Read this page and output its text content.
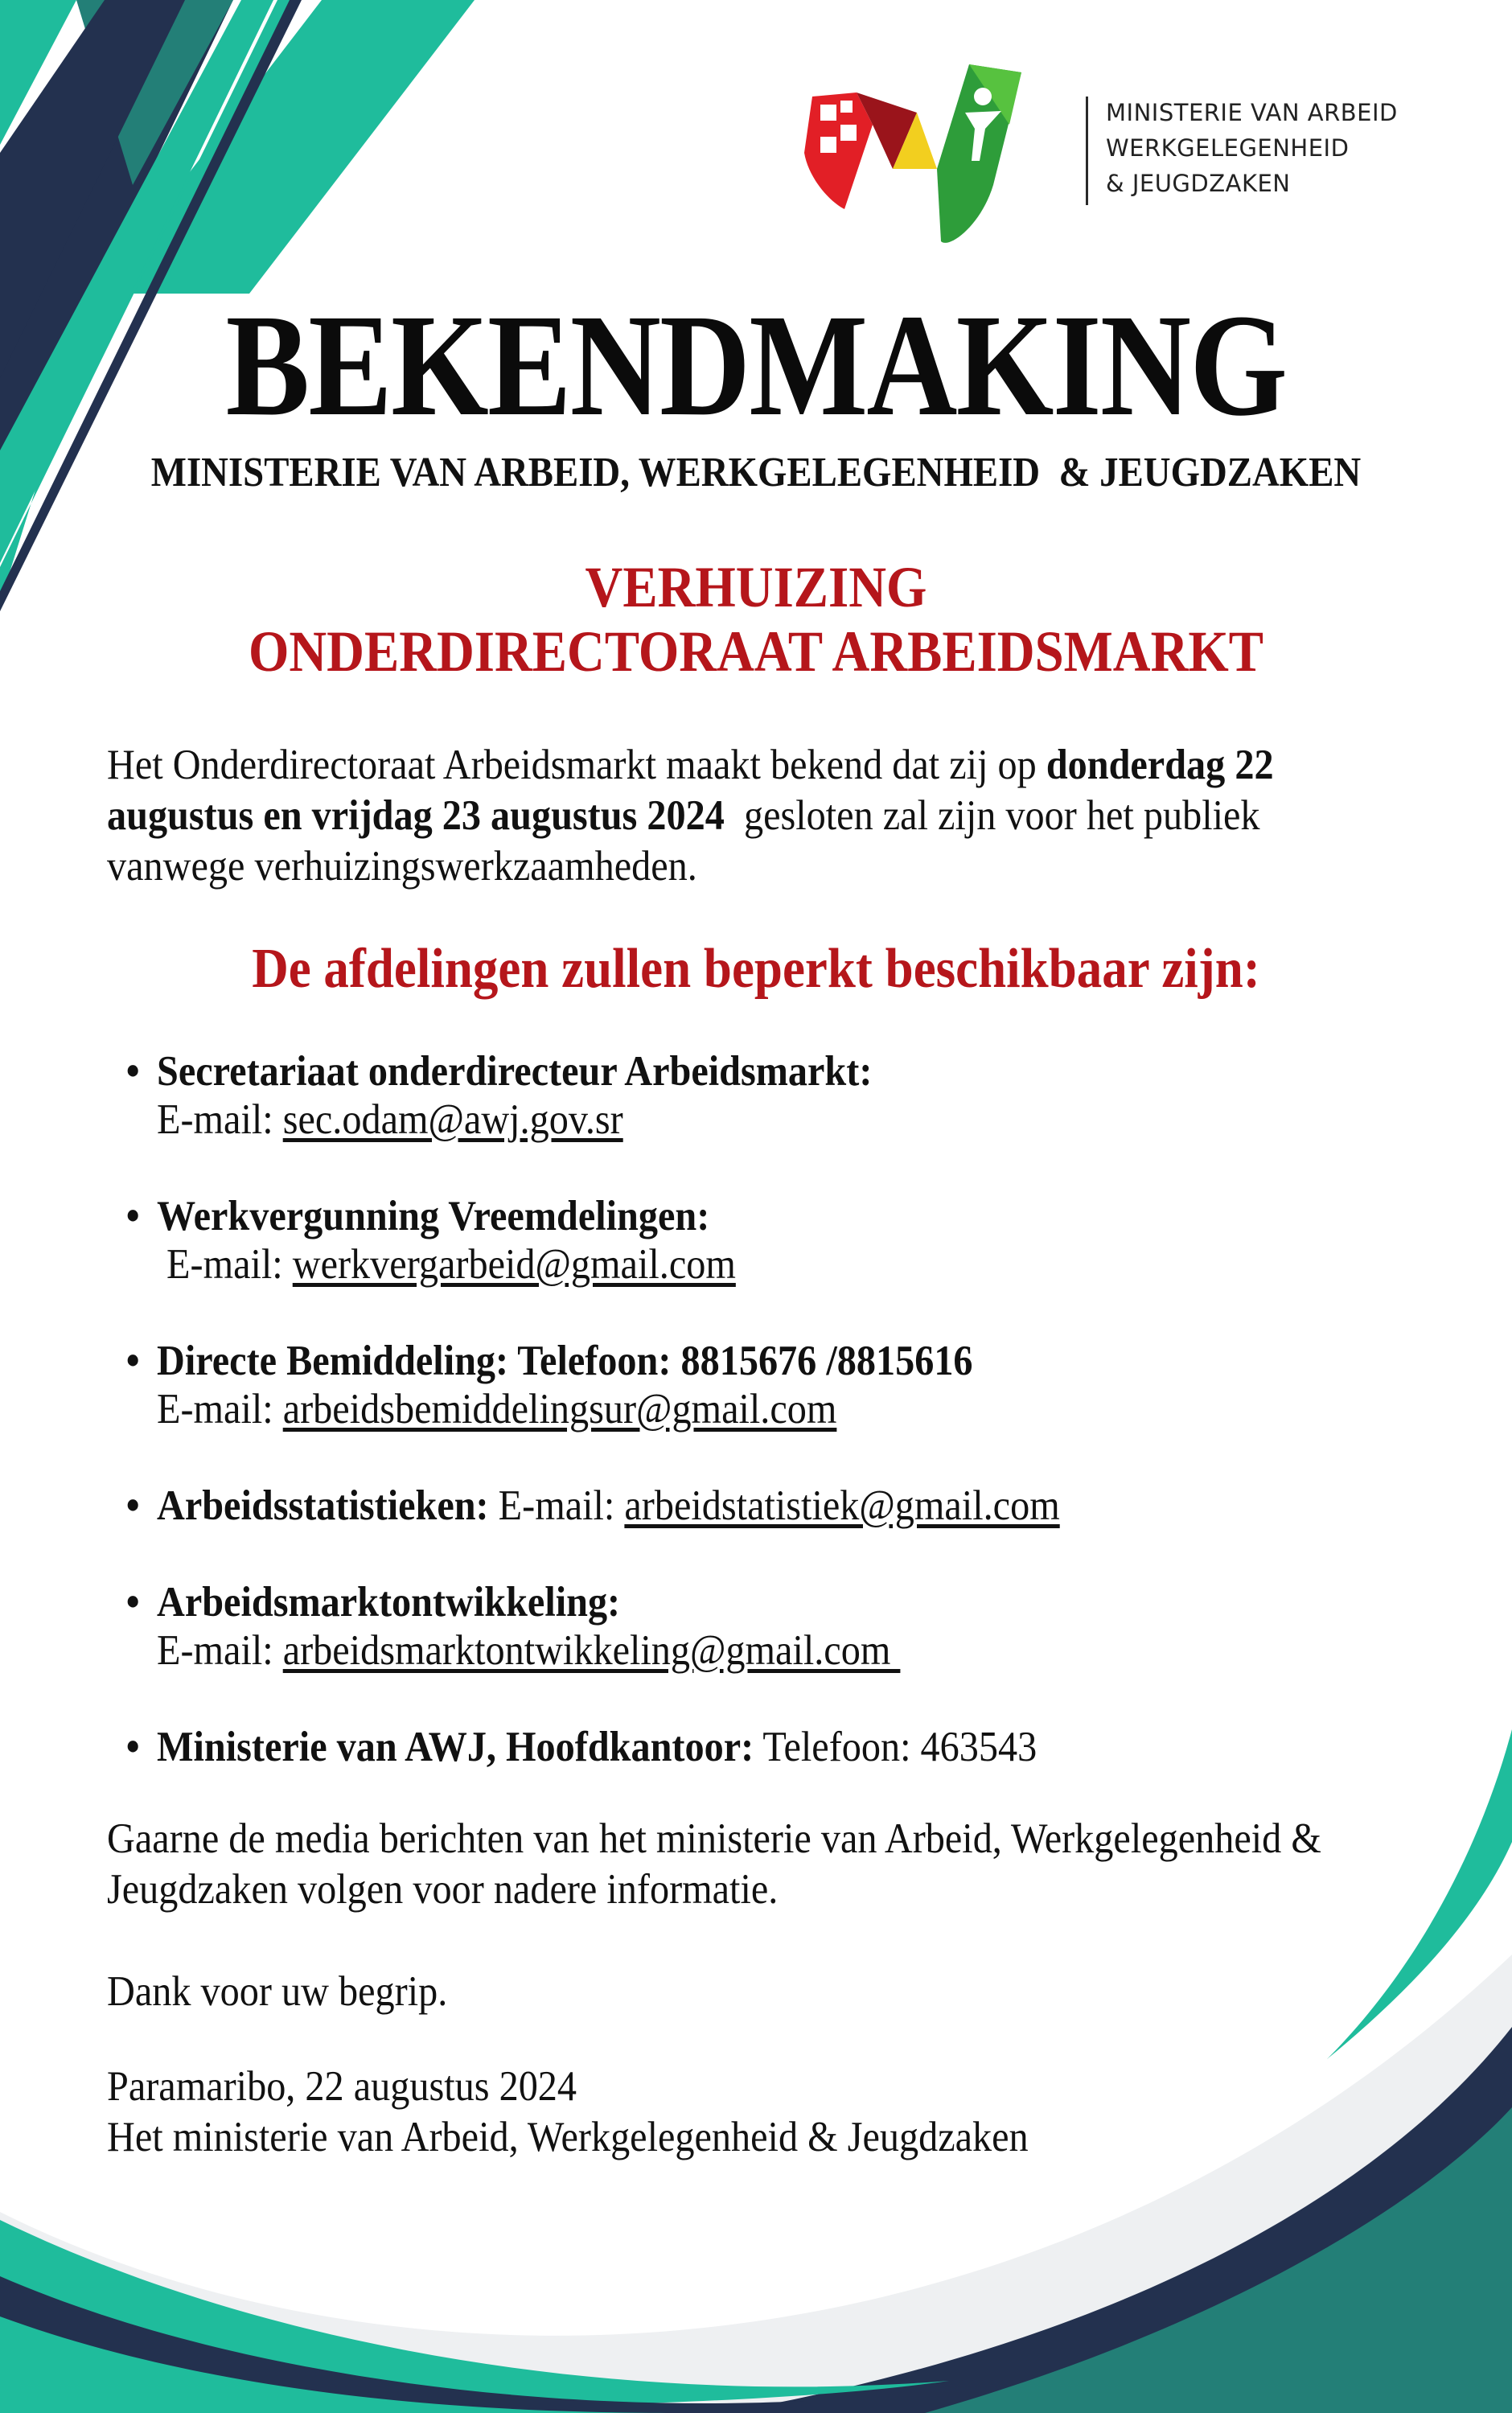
MINISTERIE VAN ARBEID
WERKGELEGENHEID
& JEUGDZAKEN
BEKENDMAKING
MINISTERIE VAN ARBEID, WERKGELEGENHEID  & JEUGDZAKEN
VERHUIZING
ONDERDIRECTORAAT ARBEIDSMARKT
Het Onderdirectoraat Arbeidsmarkt maakt bekend dat zij op donderdag 22 augustus en vrijdag 23 augustus 2024  gesloten zal zijn voor het publiek vanwege verhuizingswerkzaamheden.
De afdelingen zullen beperkt beschikbaar zijn:
• Secretariaat onderdirecteur Arbeidsmarkt:
E-mail: sec.odam@awj.gov.sr
• Werkvergunning Vreemdelingen:
E-mail: werkvergarbeid@gmail.com
• Directe Bemiddeling: Telefoon: 8815676 /8815616
E-mail: arbeidsbemiddelingsur@gmail.com
• Arbeidsstatistieken: E-mail: arbeidstatistiek@gmail.com
• Arbeidsmarktontwikkeling:
E-mail: arbeidsmarktontwikkeling@gmail.com
• Ministerie van AWJ, Hoofdkantoor: Telefoon: 463543
Gaarne de media berichten van het ministerie van Arbeid, Werkgelegenheid & Jeugdzaken volgen voor nadere informatie.
Dank voor uw begrip.
Paramaribo, 22 augustus 2024
Het ministerie van Arbeid, Werkgelegenheid & Jeugdzaken
